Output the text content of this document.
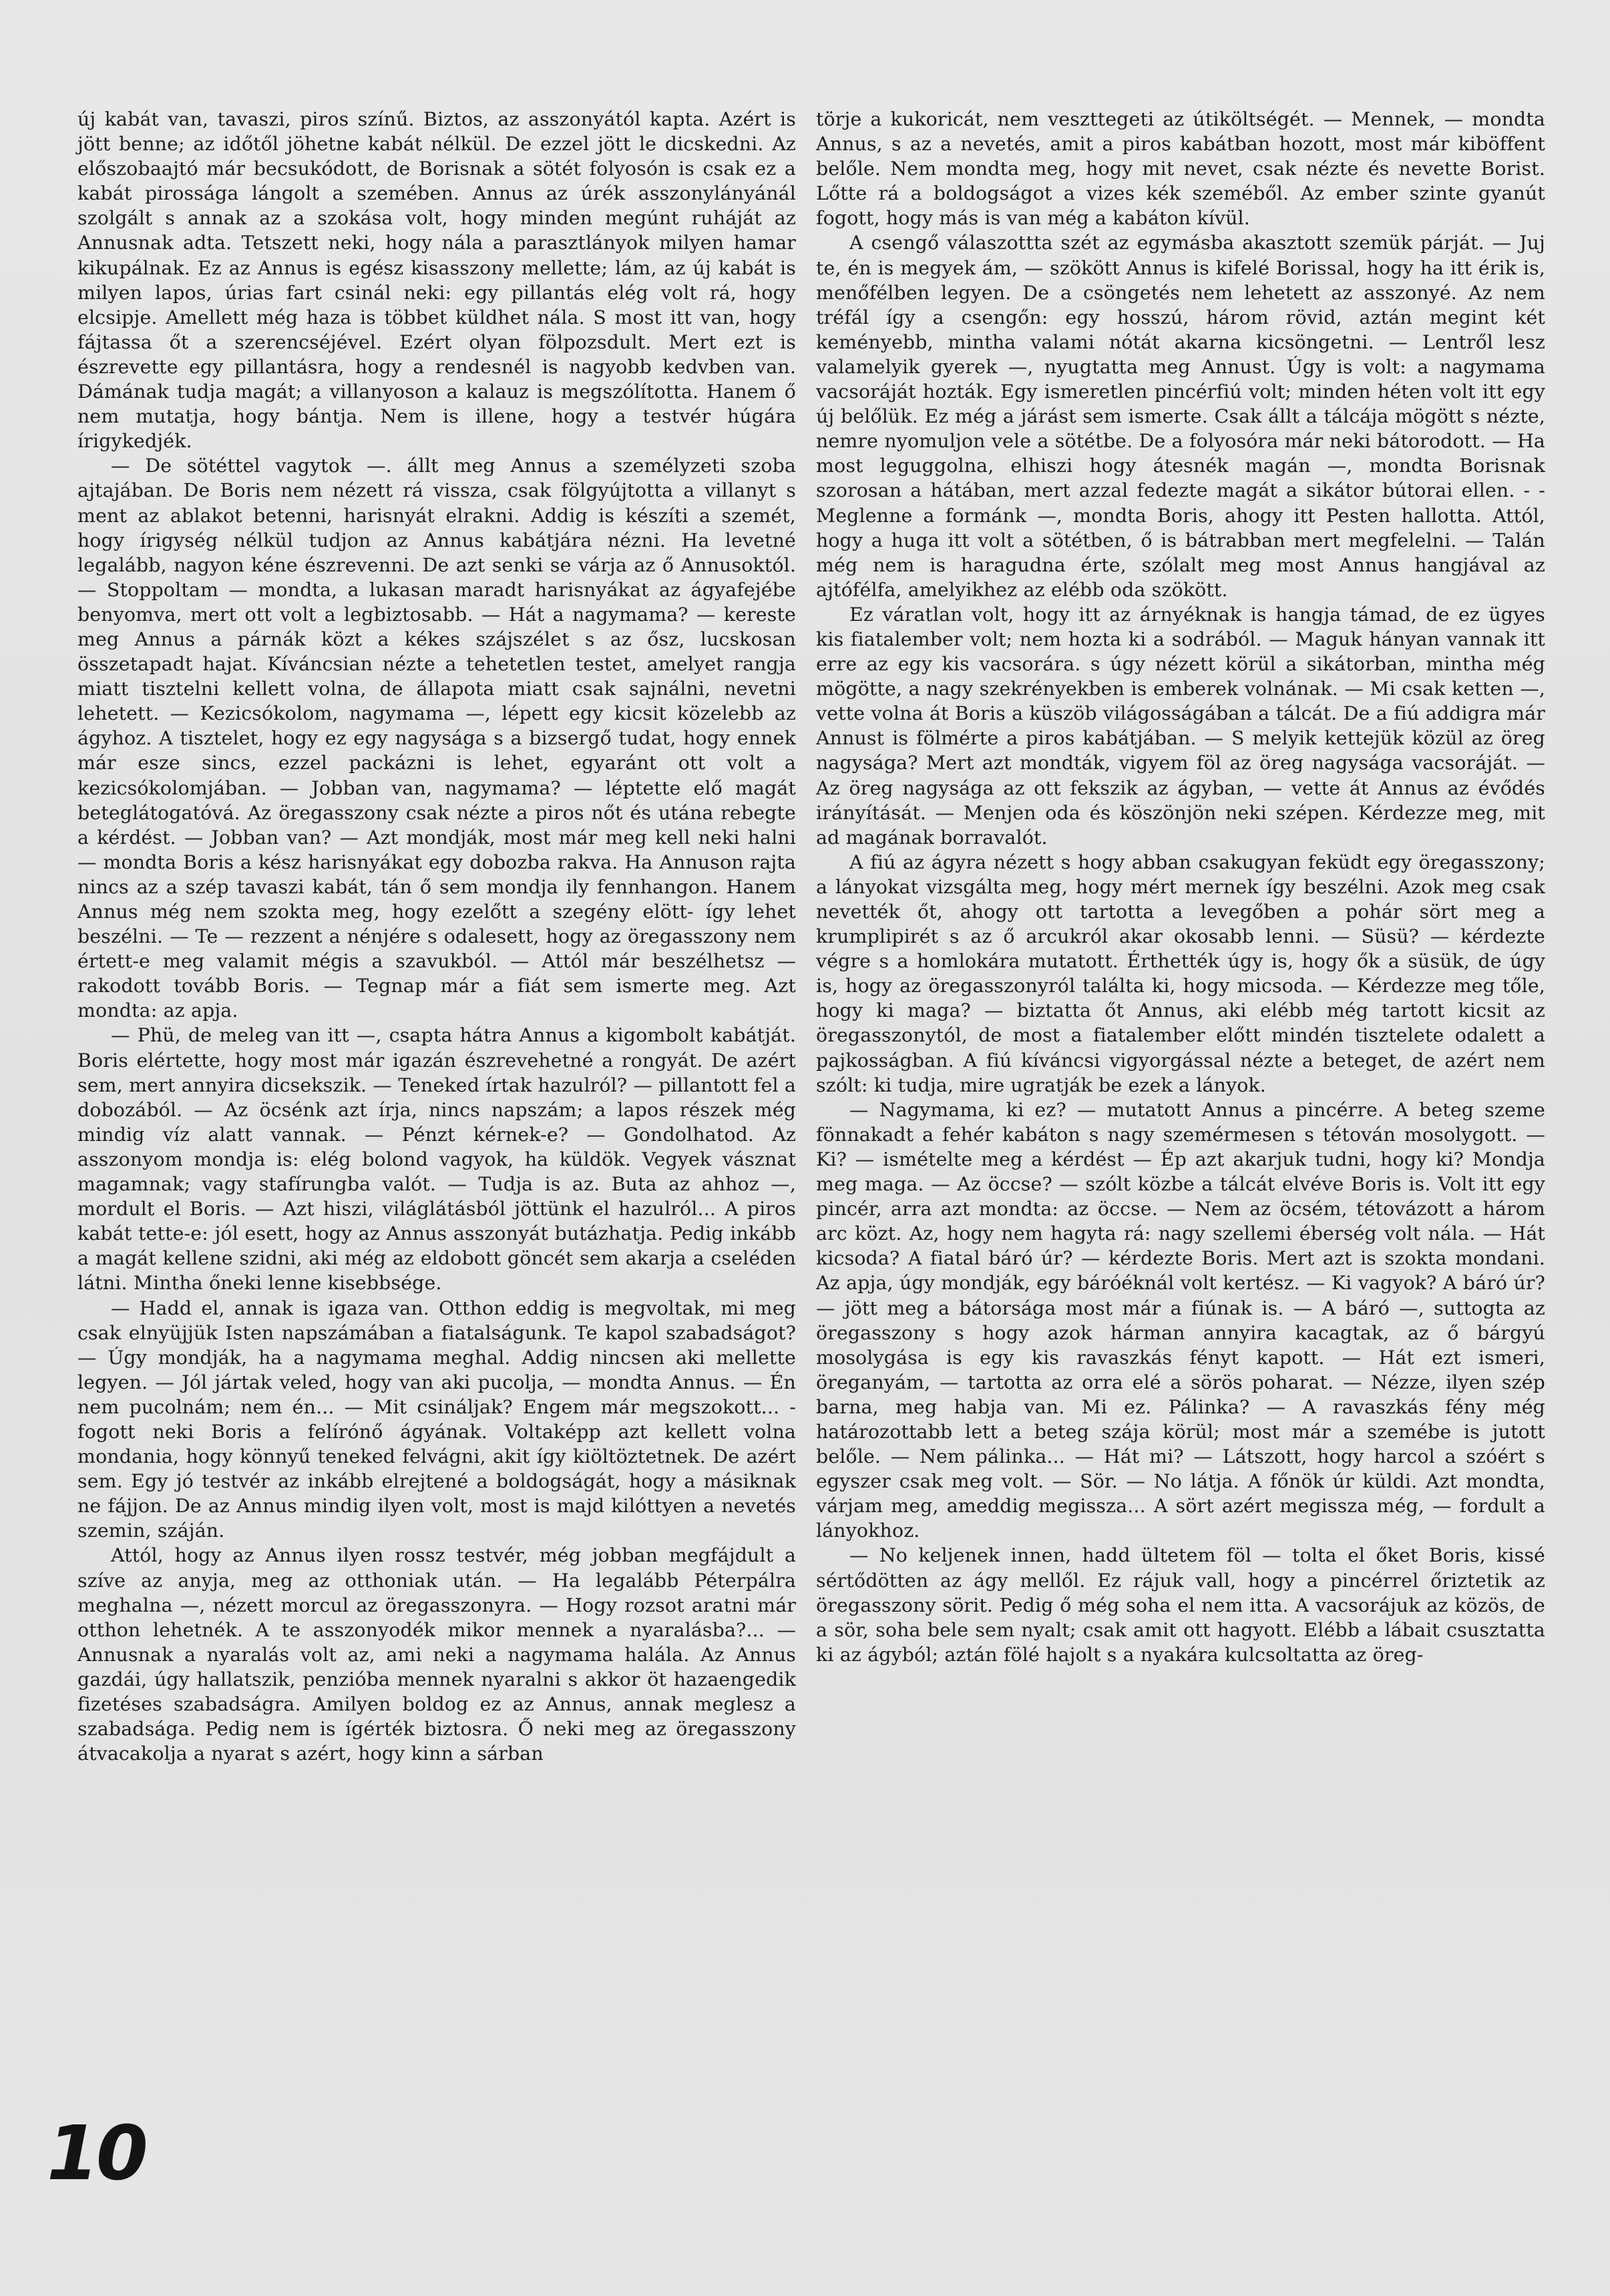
új kabát van, tavaszi, piros színű. Biztos, az asszonyától kapta. Azért is jött benne; az időtől jöhetne kabát nélkül. De ezzel jött le dicskedni. Az előszobaajtó már becsukódott, de Borisnak a sötét folyosón is csak ez a kabát pirossága lángolt a szemében. Annus az úrék asszonylányánál szolgált s annak az a szokása volt, hogy minden megúnt ruháját az Annusnak adta. Tetszett neki, hogy nála a parasztlányok milyen hamar kikupálnak. Ez az Annus is egész kisasszony mellette; lám, az új kabát is milyen lapos, úrias fart csinál neki: egy pillantás elég volt rá, hogy elcsipje. Amellett még haza is többet küldhet nála. S most itt van, hogy fájtassa őt a szerencséjével. Ezért olyan fölpozsdult. Mert ezt is észrevette egy pillantásra, hogy a rendesnél is nagyobb kedvben van. Dámának tudja magát; a villanyoson a kalauz is megszólította. Hanem ő nem mutatja, hogy bántja. Nem is illene, hogy a testvér húgára írigykedjék.

— De sötéttel vagytok —. állt meg Annus a személyzeti szoba ajtajában. De Boris nem nézett rá vissza, csak fölgyújtotta a villanyt s ment az ablakot betenni, harisnyát elrakni. Addig is készíti a szemét, hogy írigység nélkül tudjon az Annus kabátjára nézni. Ha levetné legalább, nagyon kéne észrevenni. De azt senki se várja az ő Annusoktól. — Stoppoltam — mondta, a lukasan maradt harisnyákat az ágyafejébe benyomva, mert ott volt a legbiztosabb. — Hát a nagymama? — kereste meg Annus a párnák közt a kékes szájszélet s az ősz, lucskosan összetapadt hajat. Kíváncsian nézte a tehetetlen testet, amelyet rangja miatt tisztelni kellett volna, de állapota miatt csak sajnálni, nevetni lehetett. — Kezicsókolom, nagymama —, lépett egy kicsit közelebb az ágyhoz. A tisztelet, hogy ez egy nagysága s a bizsergő tudat, hogy ennek már esze sincs, ezzel packázni is lehet, egyaránt ott volt a kezicsókolomjában. — Jobban van, nagymama? — léptette elő magát beteglátogatóvá. Az öregasszony csak nézte a piros nőt és utána rebegte a kérdést. — Jobban van? — Azt mondják, most már meg kell neki halni — mondta Boris a kész harisnyákat egy dobozba rakva. Ha Annuson rajta nincs az a szép tavaszi kabát, tán ő sem mondja ily fennhangon. Hanem Annus még nem szokta meg, hogy ezelőtt a szegény elött- így lehet beszélni. — Te — rezzent a nénjére s odalesett, hogy az öregasszony nem értett-e meg valamit mégis a szavukból. — Attól már beszélhetsz — rakodott tovább Boris. — Tegnap már a fiát sem ismerte meg. Azt mondta: az apja.

— Phü, de meleg van itt —, csapta hátra Annus a kigombolt kabátját. Boris elértette, hogy most már igazán észrevehetné a rongyát. De azért sem, mert annyira dicsekszik. — Teneked írtak hazulról? — pillantott fel a dobozából. — Az öcsénk azt írja, nincs napszám; a lapos részek még mindig víz alatt vannak. — Pénzt kérnek-e? — Gondolhatod. Az asszonyom mondja is: elég bolond vagyok, ha küldök. Vegyek vásznat magamnak; vagy stafírungba valót. — Tudja is az. Buta az ahhoz —, mordult el Boris. — Azt hiszi, világlátásból jöttünk el hazulról... A piros kabát tette-e: jól esett, hogy az Annus asszonyát butázhatja. Pedig inkább a magát kellene szidni, aki még az eldobott göncét sem akarja a cseléden látni. Mintha őneki lenne kisebbsége.

— Hadd el, annak is igaza van. Otthon eddig is megvoltak, mi meg csak elnyüjjük Isten napszámában a fiatalságunk. Te kapol szabadságot? — Úgy mondják, ha a nagymama meghal. Addig nincsen aki mellette legyen. — Jól jártak veled, hogy van aki pucolja, — mondta Annus. — Én nem pucolnám; nem én... — Mit csináljak? Engem már megszokott... - fogott neki Boris a felírónő ágyának. Voltaképp azt kellett volna mondania, hogy könnyű teneked felvágni, akit így kiöltöztetnek. De azért sem. Egy jó testvér az inkább elrejtené a boldogságát, hogy a másiknak ne fájjon. De az Annus mindig ilyen volt, most is majd kilóttyen a nevetés szemin, száján.

Attól, hogy az Annus ilyen rossz testvér, még jobban megfájdult a szíve az anyja, meg az otthoniak után. — Ha legalább Péterpálra meghalna —, nézett morcul az öregasszonyra. — Hogy rozsot aratni már otthon lehetnék. A te asszonyodék mikor mennek a nyaralásba?... — Annusnak a nyaralás volt az, ami neki a nagymama halála. Az Annus gazdái, úgy hallatszik, penzióba mennek nyaralni s akkor öt hazaengedik fizetéses szabadságra. Amilyen boldog ez az Annus, annak meglesz a szabadsága. Pedig nem is ígérték biztosra. Ő neki meg az öregasszony átvacakolja a nyarat s azért, hogy kinn a sárban

törje a kukoricát, nem veszttegeti az útiköltségét. — Mennek, — mondta Annus, s az a nevetés, amit a piros kabátban hozott, most már kiböffent belőle. Nem mondta meg, hogy mit nevet, csak nézte és nevette Borist. Lőtte rá a boldogságot a vizes kék szeméből. Az ember szinte gyanút fogott, hogy más is van még a kabáton kívül.

A csengő válaszottta szét az egymásba akasztott szemük párját. — Juj te, én is megyek ám, — szökött Annus is kifelé Borissal, hogy ha itt érik is, menőfélben legyen. De a csöngetés nem lehetett az asszonyé. Az nem tréfál így a csengőn: egy hosszú, három rövid, aztán megint két keményebb, mintha valami nótát akarna kicsöngetni. — Lentről lesz valamelyik gyerek —, nyugtatta meg Annust. Úgy is volt: a nagymama vacsoráját hozták. Egy ismeretlen pincérfiú volt; minden héten volt itt egy új belőlük. Ez még a járást sem ismerte. Csak állt a tálcája mögött s nézte, nemre nyomuljon vele a sötétbe. De a folyosóra már neki bátorodott. — Ha most leguggolna, elhiszi hogy átesnék magán —, mondta Borisnak szorosan a hátában, mert azzal fedezte magát a sikátor bútorai ellen. - - Meglenne a formánk —, mondta Boris, ahogy itt Pesten hallotta. Attól, hogy a huga itt volt a sötétben, ő is bátrabban mert megfelelni. — Talán még nem is haragudna érte, szólalt meg most Annus hangjával az ajtófélfa, amelyikhez az elébb oda szökött.

Ez váratlan volt, hogy itt az árnyéknak is hangja támad, de ez ügyes kis fiatalember volt; nem hozta ki a sodrából. — Maguk hányan vannak itt erre az egy kis vacsorára. s úgy nézett körül a sikátorban, mintha még mögötte, a nagy szekrényekben is emberek volnának. — Mi csak ketten —, vette volna át Boris a küszöb világosságában a tálcát. De a fiú addigra már Annust is fölmérte a piros kabátjában. — S melyik kettejük közül az öreg nagysága? Mert azt mondták, vigyem föl az öreg nagysága vacsoráját. — Az öreg nagysága az ott fekszik az ágyban, — vette át Annus az évődés irányítását. — Menjen oda és köszönjön neki szépen. Kérdezze meg, mit ad magának borravalót.

A fiú az ágyra nézett s hogy abban csakugyan feküdt egy öregasszony; a lányokat vizsgálta meg, hogy mért mernek így beszélni. Azok meg csak nevették őt, ahogy ott tartotta a levegőben a pohár sört meg a krumplipirét s az ő arcukról akar okosabb lenni. — Süsü? — kérdezte végre s a homlokára mutatott. Érthették úgy is, hogy ők a süsük, de úgy is, hogy az öregasszonyról találta ki, hogy micsoda. — Kérdezze meg tőle, hogy ki maga? — biztatta őt Annus, aki elébb még tartott kicsit az öregasszonytól, de most a fiatalember előtt mindén tisztelete odalett a pajkosságban. A fiú kíváncsi vigyorgással nézte a beteget, de azért nem szólt: ki tudja, mire ugratják be ezek a lányok.

— Nagymama, ki ez? — mutatott Annus a pincérre. A beteg szeme fönnakadt a fehér kabáton s nagy szemérmesen s tétován mosolygott. — Ki? — ismételte meg a kérdést — Ép azt akarjuk tudni, hogy ki? Mondja meg maga. — Az öccse? — szólt közbe a tálcát elvéve Boris is. Volt itt egy pincér, arra azt mondta: az öccse. — Nem az öcsém, tétovázott a három arc közt. Az, hogy nem hagyta rá: nagy szellemi éberség volt nála. — Hát kicsoda? A fiatal báró úr? — kérdezte Boris. Mert azt is szokta mondani. Az apja, úgy mondják, egy báróéknál volt kertész. — Ki vagyok? A báró úr? — jött meg a bátorsága most már a fiúnak is. — A báró —, suttogta az öregasszony s hogy azok hárman annyira kacagtak, az ő bárgyú mosolygása is egy kis ravaszkás fényt kapott. — Hát ezt ismeri, öreganyám, — tartotta az orra elé a sörös poharat. — Nézze, ilyen szép barna, meg habja van. Mi ez. Pálinka? — A ravaszkás fény még határozottabb lett a beteg szája körül; most már a szemébe is jutott belőle. — Nem pálinka... — Hát mi? — Látszott, hogy harcol a szóért s egyszer csak meg volt. — Sör. — No látja. A főnök úr küldi. Azt mondta, várjam meg, ameddig megissza... A sört azért megissza még, — fordult a lányokhoz.

— No keljenek innen, hadd ültetem föl — tolta el őket Boris, kissé sértődötten az ágy mellől. Ez rájuk vall, hogy a pincérrel őriztetik az öregasszony sörit. Pedig ő még soha el nem itta. A vacsorájuk az közös, de a sör, soha bele sem nyalt; csak amit ott hagyott. Elébb a lábait csusztatta ki az ágyból; aztán fölé hajolt s a nyakára kulcsoltatta az öreg-

10
